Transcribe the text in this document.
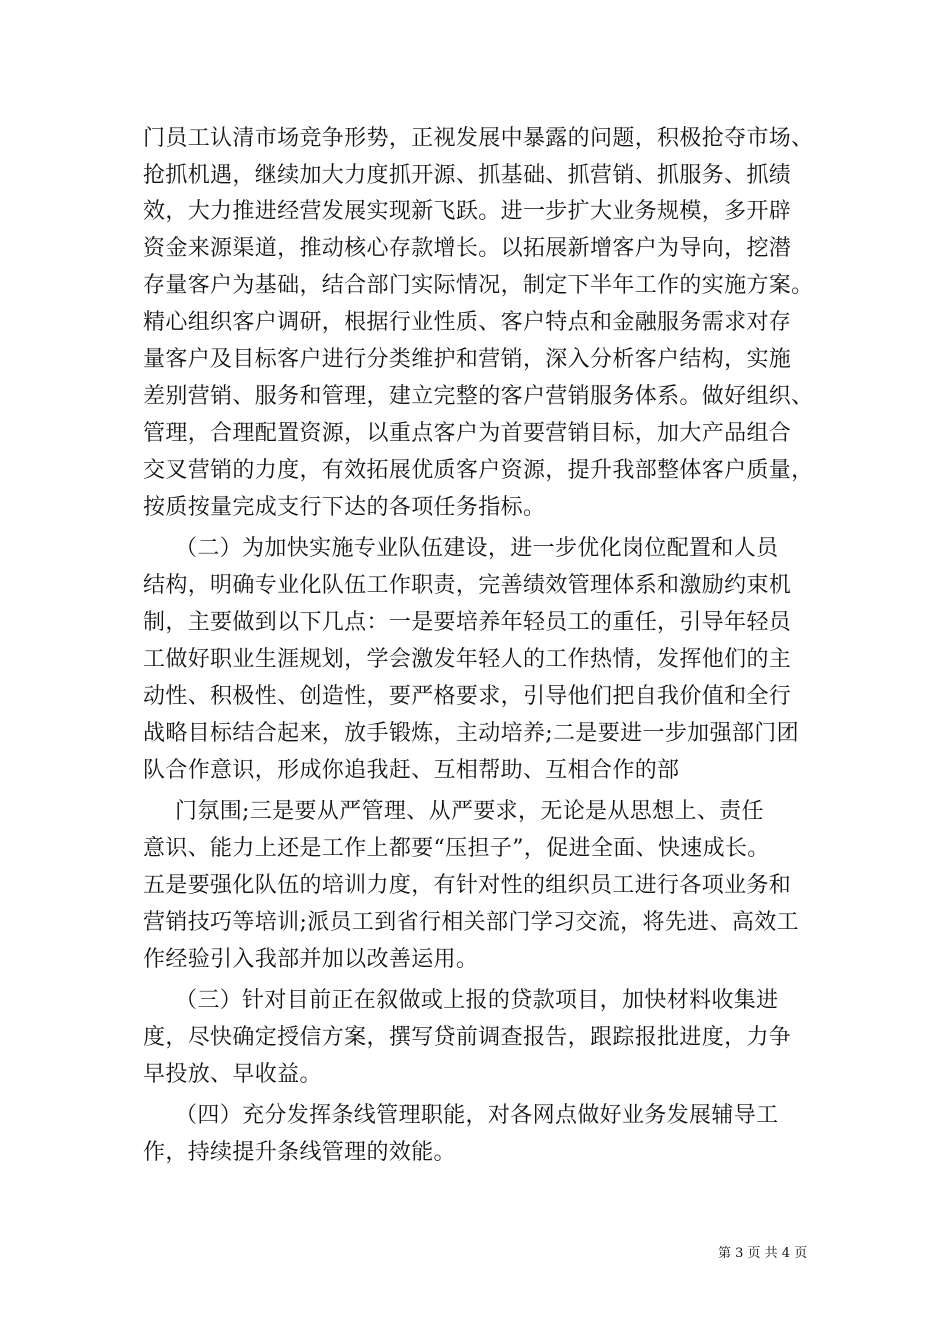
门员工认清市场竞争形势，正视发展中暴露的问题，积极抢夺市场、
抢抓机遇，继续加大力度抓开源、抓基础、抓营销、抓服务、抓绩
效，大力推进经营发展实现新飞跃。进一步扩大业务规模，多开辟
资金来源渠道，推动核心存款增长。以拓展新增客户为导向，挖潜
存量客户为基础，结合部门实际情况，制定下半年工作的实施方案。
精心组织客户调研，根据行业性质、客户特点和金融服务需求对存
量客户及目标客户进行分类维护和营销，深入分析客户结构，实施
差别营销、服务和管理，建立完整的客户营销服务体系。做好组织、
管理，合理配置资源，以重点客户为首要营销目标，加大产品组合
交叉营销的力度，有效拓展优质客户资源，提升我部整体客户质量，
按质按量完成支行下达的各项任务指标。
（二）为加快实施专业队伍建设，进一步优化岗位配置和人员
结构，明确专业化队伍工作职责，完善绩效管理体系和激励约束机
制，主要做到以下几点：一是要培养年轻员工的重任，引导年轻员
工做好职业生涯规划，学会激发年轻人的工作热情，发挥他们的主
动性、积极性、创造性，要严格要求，引导他们把自我价值和全行
战略目标结合起来，放手锻炼，主动培养;二是要进一步加强部门团
队合作意识，形成你追我赶、互相帮助、互相合作的部
门氛围;三是要从严管理、从严要求，无论是从思想上、责任
意识、能力上还是工作上都要“压担子”，促进全面、快速成长。
五是要强化队伍的培训力度，有针对性的组织员工进行各项业务和
营销技巧等培训;派员工到省行相关部门学习交流，将先进、高效工
作经验引入我部并加以改善运用。
（三）针对目前正在叙做或上报的贷款项目，加快材料收集进
度，尽快确定授信方案，撰写贷前调查报告，跟踪报批进度，力争
早投放、早收益。
（四）充分发挥条线管理职能，对各网点做好业务发展辅导工
作，持续提升条线管理的效能。
第 3 页 共 4 页
